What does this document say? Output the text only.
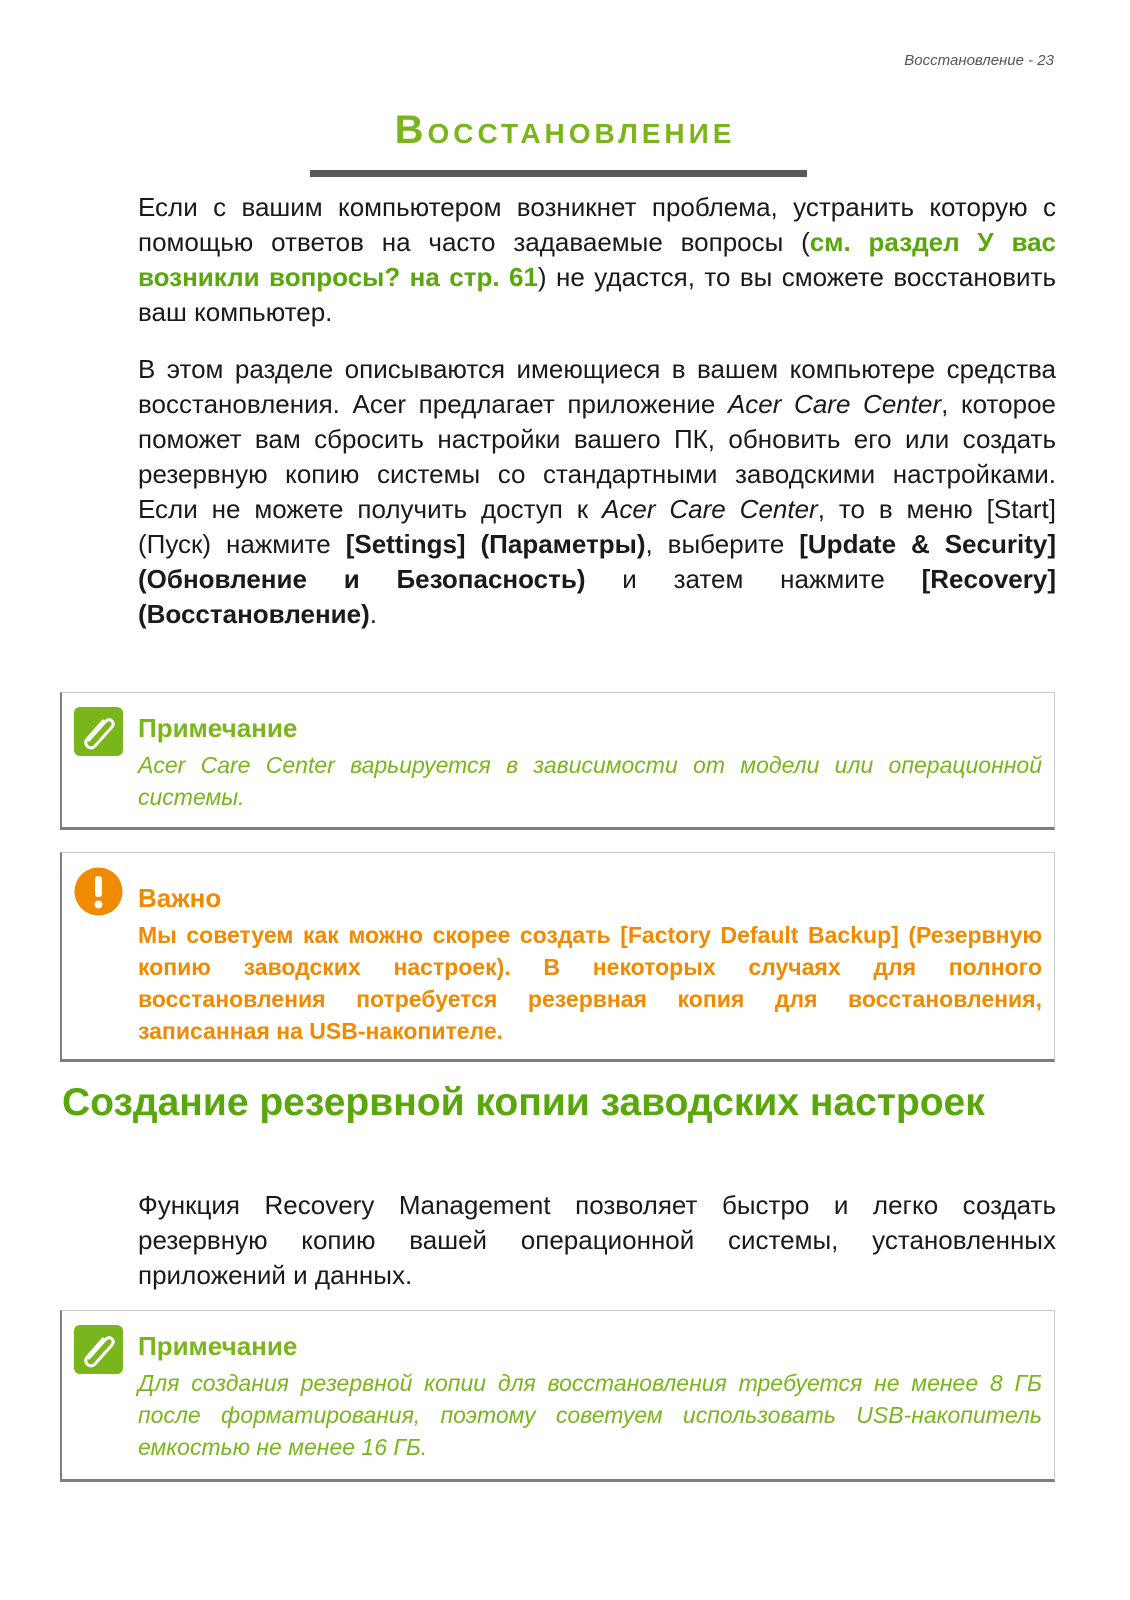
Восстановление - 23
Восстановление

Если с вашим компьютером возникнет проблема, устранить которую с помощью ответов на часто задаваемые вопросы (см. раздел У вас возникли вопросы? на стр. 61) не удастся, то вы сможете восстановить ваш компьютер.

В этом разделе описываются имеющиеся в вашем компьютере средства восстановления. Acer предлагает приложение Acer Care Center, которое поможет вам сбросить настройки вашего ПК, обновить его или создать резервную копию системы со стандартными заводскими настройками. Если не можете получить доступ к Acer Care Center, то в меню [Start] (Пуск) нажмите [Settings] (Параметры), выберите [Update & Security] (Обновление и Безопасность) и затем нажмите [Recovery] (Восстановление).

Примечание
Acer Care Center варьируется в зависимости от модели или операционной системы.
Важно
Мы советуем как можно скорее создать [Factory Default Backup] (Резервную копию заводских настроек). В некоторых случаях для полного восстановления потребуется резервная копия для восстановления, записанная на USB-накопителе.
Создание резервной копии заводских настроек

Функция Recovery Management позволяет быстро и легко создать резервную копию вашей операционной системы, установленных приложений и данных.

Примечание
Для создания резервной копии для восстановления требуется не менее 8 ГБ после форматирования, поэтому советуем использовать USB-накопитель емкостью не менее 16 ГБ.
